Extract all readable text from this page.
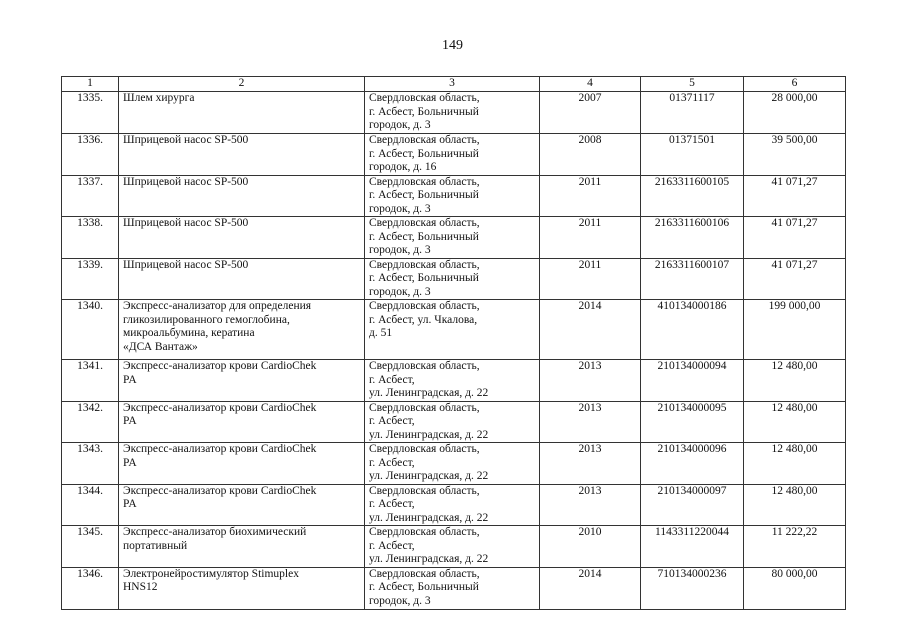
149
1	2	3	4	5	6
1335.	Шлем хирурга	Свердловская область,
г. Асбест, Больничный
городок, д. 3	2007	01371117	28 000,00
1336.	Шприцевой насос SP-500	Свердловская область,
г. Асбест, Больничный
городок, д. 16	2008	01371501	39 500,00
1337.	Шприцевой насос SP-500	Свердловская область,
г. Асбест, Больничный
городок, д. 3	2011	2163311600105	41 071,27
1338.	Шприцевой насос SP-500	Свердловская область,
г. Асбест, Больничный
городок, д. 3	2011	2163311600106	41 071,27
1339.	Шприцевой насос SP-500	Свердловская область,
г. Асбест, Больничный
городок, д. 3	2011	2163311600107	41 071,27
1340.	Экспресс-анализатор для определения
гликозилированного гемоглобина,
микроальбумина, кератина
«ДСА Вантаж»	Свердловская область,
г. Асбест, ул. Чкалова,
д. 51	2014	410134000186	199 000,00
1341.	Экспресс-анализатор крови CardioChek
PA	Свердловская область,
г. Асбест,
ул. Ленинградская, д. 22	2013	210134000094	12 480,00
1342.	Экспресс-анализатор крови CardioChek
PA	Свердловская область,
г. Асбест,
ул. Ленинградская, д. 22	2013	210134000095	12 480,00
1343.	Экспресс-анализатор крови CardioChek
PA	Свердловская область,
г. Асбест,
ул. Ленинградская, д. 22	2013	210134000096	12 480,00
1344.	Экспресс-анализатор крови CardioChek
PA	Свердловская область,
г. Асбест,
ул. Ленинградская, д. 22	2013	210134000097	12 480,00
1345.	Экспресс-анализатор биохимический
портативный	Свердловская область,
г. Асбест,
ул. Ленинградская, д. 22	2010	1143311220044	11 222,22
1346.	Электронейростимулятор Stimuplex
HNS12	Свердловская область,
г. Асбест, Больничный
городок, д. 3	2014	710134000236	80 000,00
